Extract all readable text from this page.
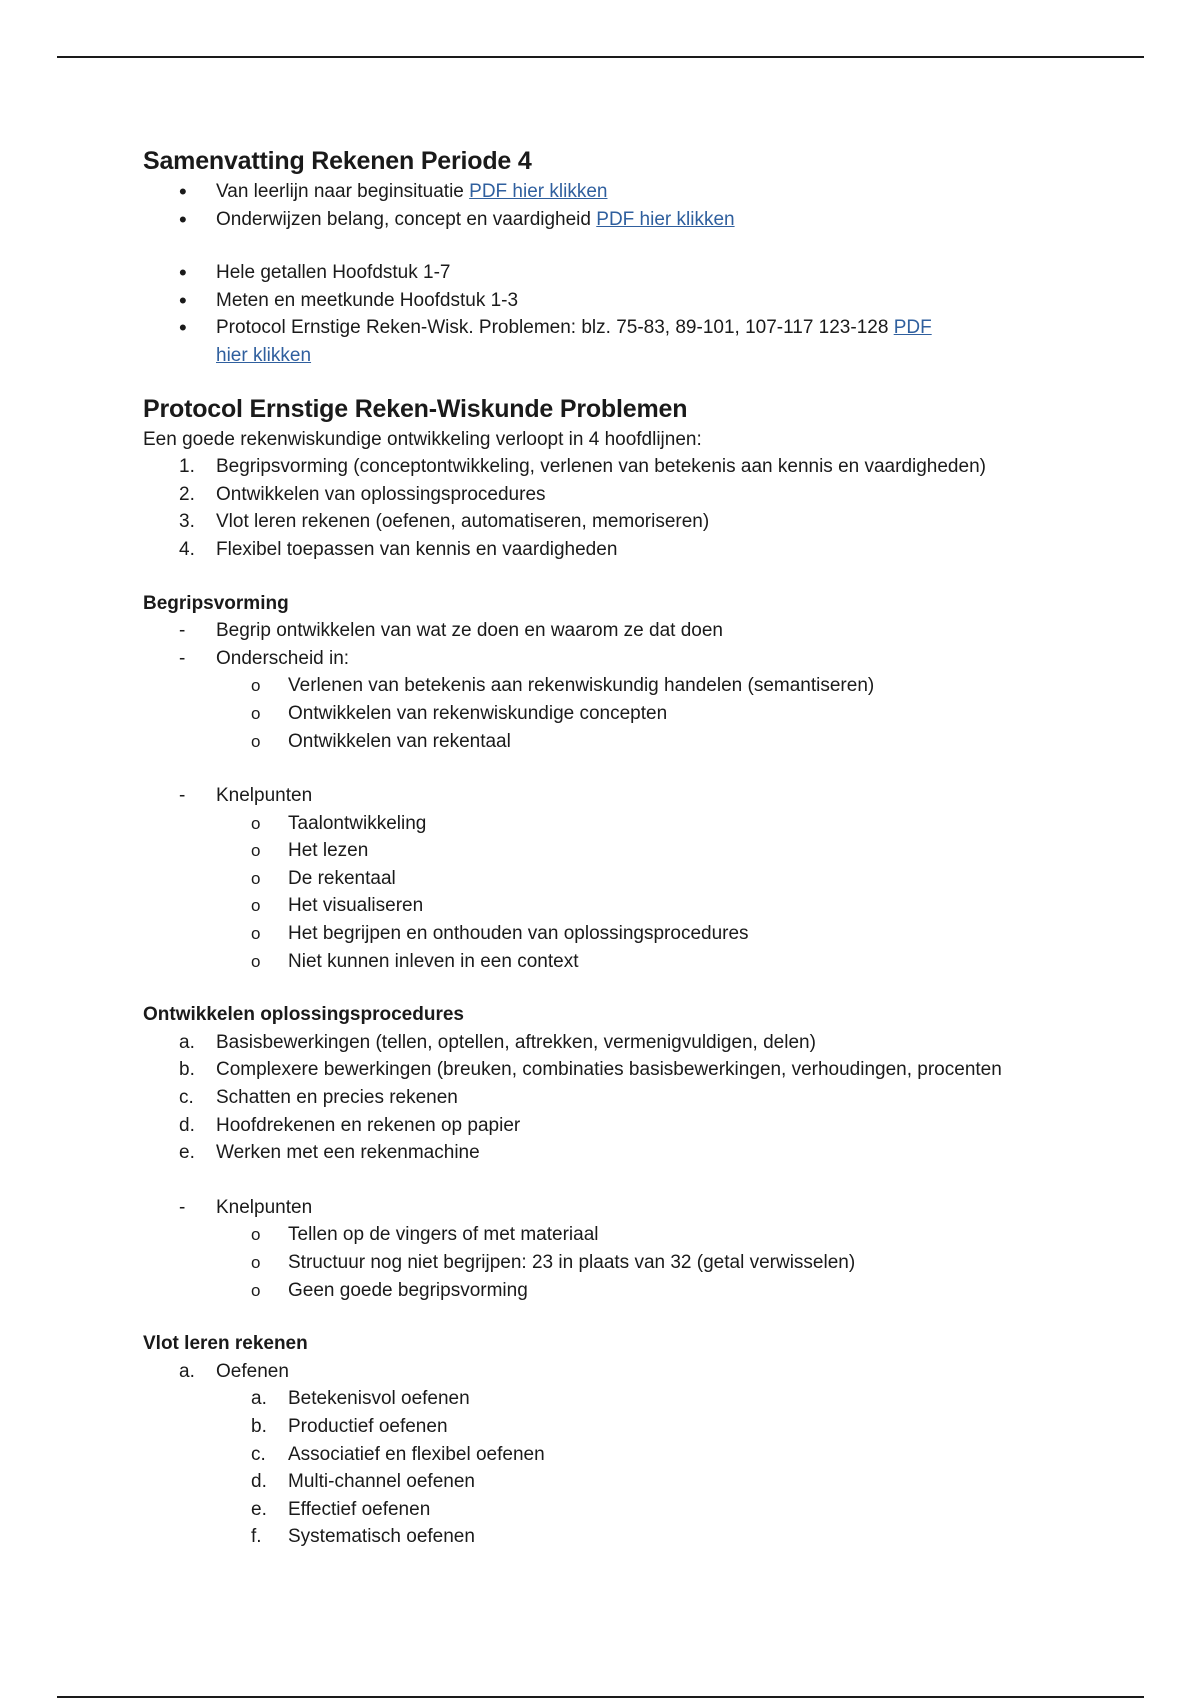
Samenvatting Rekenen Periode 4
•	Van leerlijn naar beginsituatie PDF hier klikken
•	Onderwijzen belang, concept en vaardigheid PDF hier klikken
•	Hele getallen Hoofdstuk 1-7
•	Meten en meetkunde Hoofdstuk 1-3
•	Protocol Ernstige Reken-Wisk. Problemen: blz. 75-83, 89-101, 107-117 123-128 PDF hier klikken
Protocol Ernstige Reken-Wiskunde Problemen

Een goede rekenwiskundige ontwikkeling verloopt in 4 hoofdlijnen:

1.	Begripsvorming (conceptontwikkeling, verlenen van betekenis aan kennis en vaardigheden)
2.	Ontwikkelen van oplossingsprocedures
3.	Vlot leren rekenen (oefenen, automatiseren, memoriseren)
4.	Flexibel toepassen van kennis en vaardigheden
Begripsvorming
-	Begrip ontwikkelen van wat ze doen en waarom ze dat doen
-	Onderscheid in:
o	Verlenen van betekenis aan rekenwiskundig handelen (semantiseren)
o	Ontwikkelen van rekenwiskundige concepten
o	Ontwikkelen van rekentaal
-	Knelpunten
o	Taalontwikkeling
o	Het lezen
o	De rekentaal
o	Het visualiseren
o	Het begrijpen en onthouden van oplossingsprocedures
o	Niet kunnen inleven in een context
Ontwikkelen oplossingsprocedures
a.	Basisbewerkingen (tellen, optellen, aftrekken, vermenigvuldigen, delen)
b.	Complexere bewerkingen (breuken, combinaties basisbewerkingen, verhoudingen, procenten
c.	Schatten en precies rekenen
d.	Hoofdrekenen en rekenen op papier
e.	Werken met een rekenmachine
-	Knelpunten
o	Tellen op de vingers of met materiaal
o	Structuur nog niet begrijpen: 23 in plaats van 32 (getal verwisselen)
o	Geen goede begripsvorming
Vlot leren rekenen
a.	Oefenen
a.	Betekenisvol oefenen
b.	Productief oefenen
c.	Associatief en flexibel oefenen
d.	Multi-channel oefenen
e.	Effectief oefenen
f.	Systematisch oefenen
